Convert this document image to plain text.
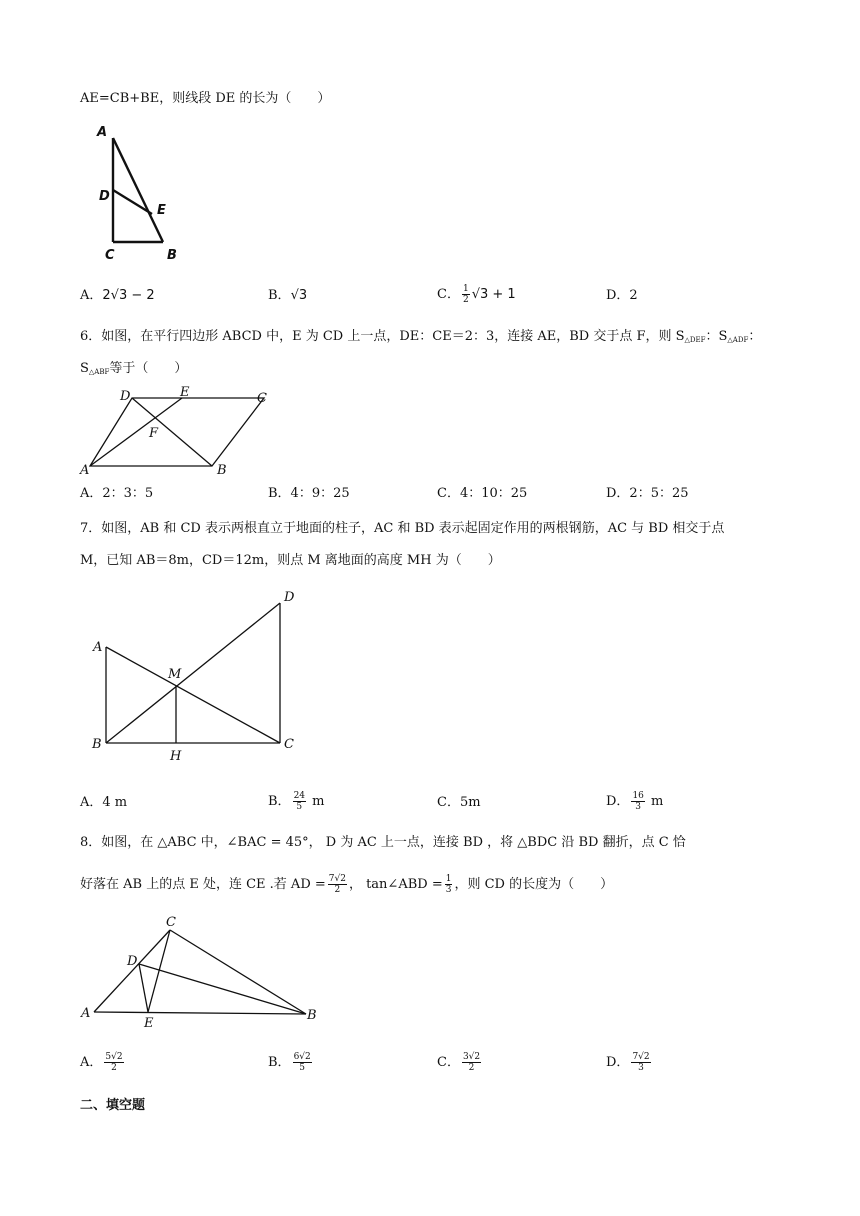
AE=CB+BE，则线段 DE 的长为（　　）
A
D
E
C	B
A．2√3 − 2	B．√3	C． $\frac{1}{2} √3 + 1$	D．2
6．如图，在平行四边形 ABCD 中，E 为 CD 上一点，DE：CE＝2：3，连接 AE，BD 交于点 F，则 $S_{\triangle DEF}$：$S_{\triangle ADF}$：
$S_{\triangle ABF}$等于（　　）
D	E	C
F
A	B
A．2：3：5	B．4：9：25	C．4：10：25	D．2：5：25
7．如图，AB 和 CD 表示两根直立于地面的柱子，AC 和 BD 表示起固定作用的两根钢筋，AC 与 BD 相交于点
M，已知 AB＝8m，CD＝12m，则点 M 离地面的高度 MH 为（　　）
D
A
M
B
H
C
A．4 m	B． $\frac{24}{5}$ m	C．5m	D． $\frac{16}{3}$ m
8．如图，在 △ABC 中，∠BAC = 45°， D 为 AC 上一点，连接 BD ，将 △BDC 沿 BD 翻折，点 C 恰
好落在 AB 上的点 E 处，连 CE .若 AD = $\frac{7√2}{2}$ ， tan∠ABD = $\frac{1}{3}$ ，则 CD 的长度为（　　）
C
D
A
E
B
A． $\frac{5√2}{2}$	B． $\frac{6√2}{5}$	C． $\frac{3√2}{2}$	D． $\frac{7√2}{3}$
二、填空题
